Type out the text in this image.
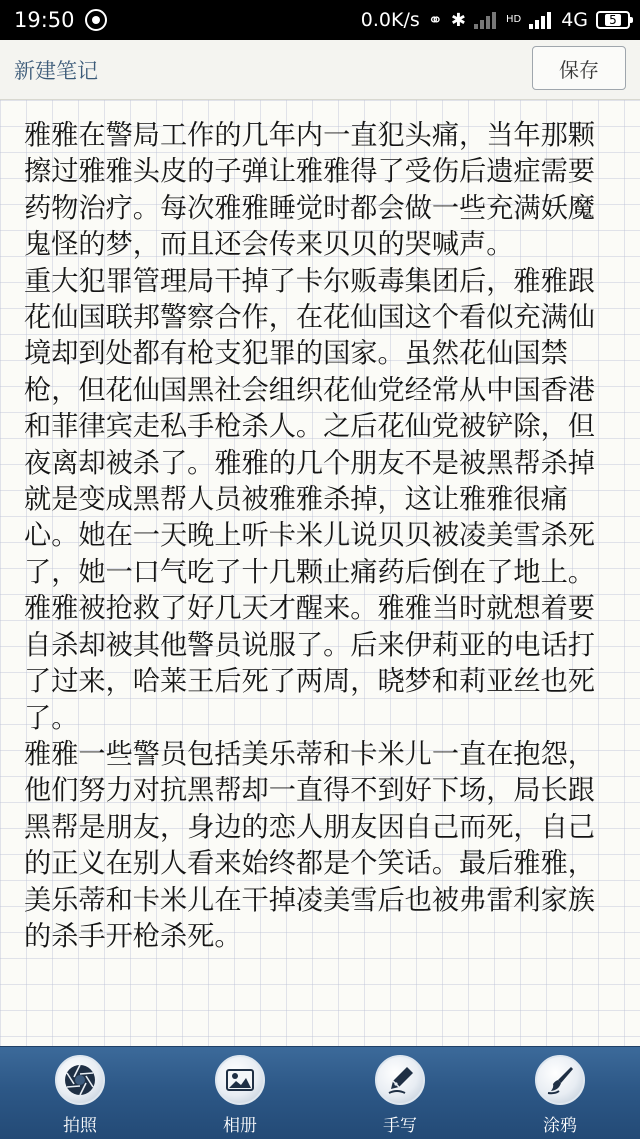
19:50	0.0K/s ⚭ ✱	HD 4G	5
新建笔记	保存

雅雅在警局工作的几年内一直犯头痛，当年那颗擦过雅雅头皮的子弹让雅雅得了受伤后遗症需要药物治疗。每次雅雅睡觉时都会做一些充满妖魔鬼怪的梦，而且还会传来贝贝的哭喊声。

重大犯罪管理局干掉了卡尔贩毒集团后，雅雅跟花仙国联邦警察合作，在花仙国这个看似充满仙境却到处都有枪支犯罪的国家。虽然花仙国禁枪，但花仙国黑社会组织花仙党经常从中国香港和菲律宾走私手枪杀人。之后花仙党被铲除，但夜离却被杀了。雅雅的几个朋友不是被黑帮杀掉就是变成黑帮人员被雅雅杀掉，这让雅雅很痛心。她在一天晚上听卡米儿说贝贝被凌美雪杀死了，她一口气吃了十几颗止痛药后倒在了地上。雅雅被抢救了好几天才醒来。雅雅当时就想着要自杀却被其他警员说服了。后来伊莉亚的电话打了过来，哈莱王后死了两周，晓梦和莉亚丝也死了。

雅雅一些警员包括美乐蒂和卡米儿一直在抱怨，他们努力对抗黑帮却一直得不到好下场，局长跟黑帮是朋友，身边的恋人朋友因自己而死，自己的正义在别人看来始终都是个笑话。最后雅雅，美乐蒂和卡米儿在干掉凌美雪后也被弗雷利家族的杀手开枪杀死。

拍照	相册	手写	涂鸦
